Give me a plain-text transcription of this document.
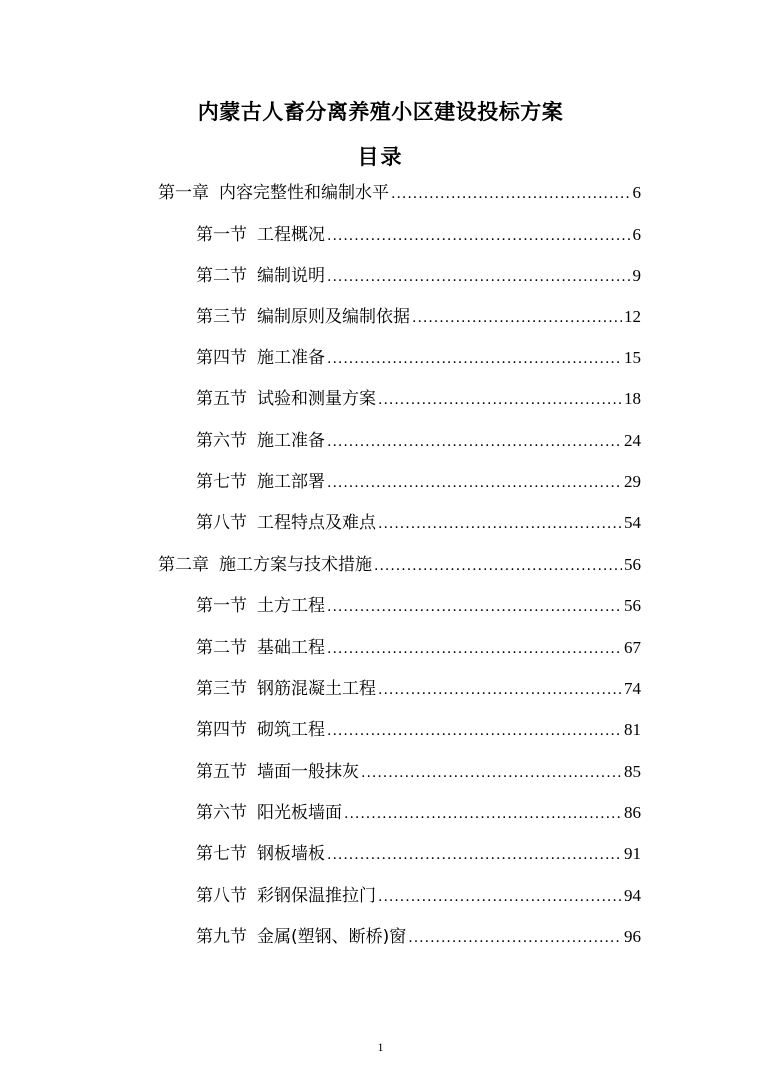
内蒙古人畜分离养殖小区建设投标方案
目录
第一章 内容完整性和编制水平 .....	6
第一节 工程概况 .....	6
第二节 编制说明 .....	9
第三节 编制原则及编制依据 .....	12
第四节 施工准备 .....	15
第五节 试验和测量方案 .....	18
第六节 施工准备 .....	24
第七节 施工部署 .....	29
第八节 工程特点及难点 .....	54
第二章 施工方案与技术措施 .....	56
第一节 土方工程 .....	56
第二节 基础工程 .....	67
第三节 钢筋混凝土工程 .....	74
第四节 砌筑工程 .....	81
第五节 墙面一般抹灰 .....	85
第六节 阳光板墙面 .....	86
第七节 钢板墙板 .....	91
第八节 彩钢保温推拉门 .....	94
第九节 金属(塑钢、断桥)窗 .....	96
1
